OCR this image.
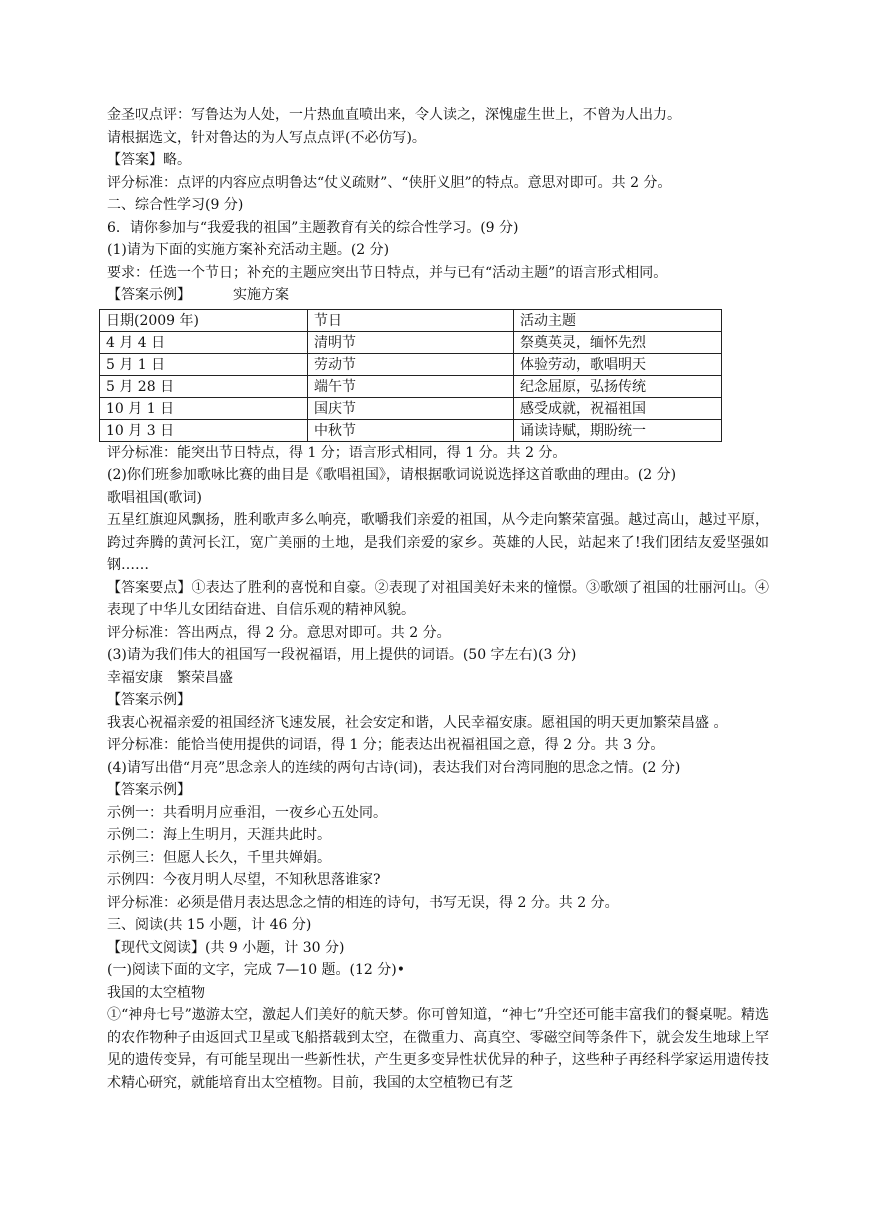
金圣叹点评：写鲁达为人处，一片热血直喷出来，令人读之，深愧虚生世上，不曾为人出力。
请根据选文，针对鲁达的为人写点点评(不必仿写)。
【答案】略。
评分标准：点评的内容应点明鲁达“仗义疏财”、“侠肝义胆”的特点。意思对即可。共 2 分。
二、综合性学习(9 分)
6．请你参加与“我爱我的祖国”主题教育有关的综合性学习。(9 分)
(1)请为下面的实施方案补充活动主题。(2 分)
要求：任选一个节日；补充的主题应突出节日特点，并与已有“活动主题”的语言形式相同。
【答案示例】	实施方案
日期(2009 年)	节日	活动主题
4 月 4 日	清明节	祭奠英灵，缅怀先烈
5 月 1 日	劳动节	体验劳动，歌唱明天
5 月 28 日	端午节	纪念屈原，弘扬传统
10 月 1 日	国庆节	感受成就，祝福祖国
10 月 3 日	中秋节	诵读诗赋，期盼统一
评分标准：能突出节日特点，得 1 分；语言形式相同，得 1 分。共 2 分。
(2)你们班参加歌咏比赛的曲目是《歌唱祖国》，请根据歌词说说选择这首歌曲的理由。(2 分)
歌唱祖国(歌词)

五星红旗迎风飘扬，胜利歌声多么响亮，歌嚼我们亲爱的祖国，从今走向繁荣富强。越过高山，越过平原，跨过奔腾的黄河长江，宽广美丽的土地，是我们亲爱的家乡。英雄的人民，站起来了!我们团结友爱坚强如钢……

【答案要点】①表达了胜利的喜悦和自豪。②表现了对祖国美好未来的憧憬。③歌颂了祖国的壮丽河山。④表现了中华儿女团结奋进、自信乐观的精神风貌。

评分标准：答出两点，得 2 分。意思对即可。共 2 分。
(3)请为我们伟大的祖国写一段祝福语，用上提供的词语。(50 字左右)(3 分)
幸福安康　繁荣昌盛
【答案示例】
我衷心祝福亲爱的祖国经济飞速发展，社会安定和谐，人民幸福安康。愿祖国的明天更加繁荣昌盛 。
评分标准：能恰当使用提供的词语，得 1 分；能表达出祝福祖国之意，得 2 分。共 3 分。
(4)请写出借“月亮”思念亲人的连续的两句古诗(词)，表达我们对台湾同胞的思念之情。(2 分)
【答案示例】
示例一：共看明月应垂泪，一夜乡心五处同。
示例二：海上生明月，天涯共此时。
示例三：但愿人长久，千里共婵娟。
示例四：今夜月明人尽望，不知秋思落谁家?
评分标准：必须是借月表达思念之情的相连的诗句，书写无误，得 2 分。共 2 分。
三、阅读(共 15 小题，计 46 分)
【现代文阅读】(共 9 小题，计 30 分)
(一)阅读下面的文字，完成 7—10 题。(12 分)•
我国的太空植物

①“神舟七号”遨游太空，激起人们美好的航天梦。你可曾知道，“神七”升空还可能丰富我们的餐桌呢。精选的农作物种子由返回式卫星或飞船搭载到太空，在微重力、高真空、零磁空间等条件下，就会发生地球上罕见的遗传变异，有可能呈现出一些新性状，产生更多变异性状优异的种子，这些种子再经科学家运用遗传技术精心研究，就能培育出太空植物。目前，我国的太空植物已有芝
